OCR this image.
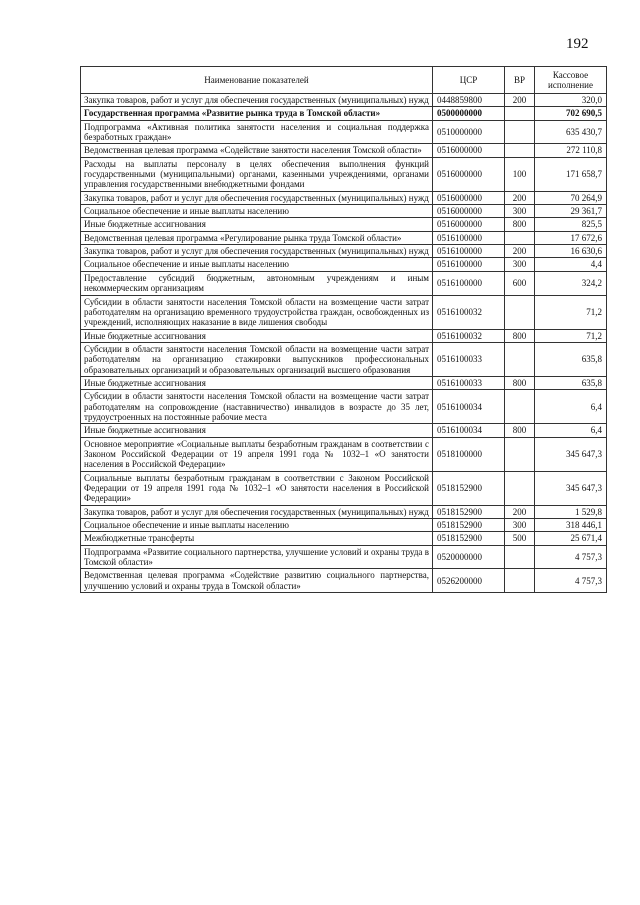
192
Наименование показателей	ЦСР	ВР	Кассовое исполнение
Закупка товаров, работ и услуг для обеспечения государственных (муниципальных) нужд	0448859800	200	320,0
Государственная программа «Развитие рынка труда в Томской области»	0500000000		702 690,5
Подпрограмма «Активная политика занятости населения и социальная поддержка безработных граждан»	0510000000		635 430,7
Ведомственная целевая программа «Содействие занятости населения Томской области»	0516000000		272 110,8
Расходы на выплаты персоналу в целях обеспечения выполнения функций государственными (муниципальными) органами, казенными учреждениями, органами управления государственными внебюджетными фондами	0516000000	100	171 658,7
Закупка товаров, работ и услуг для обеспечения государственных (муниципальных) нужд	0516000000	200	70 264,9
Социальное обеспечение и иные выплаты населению	0516000000	300	29 361,7
Иные бюджетные ассигнования	0516000000	800	825,5
Ведомственная целевая программа «Регулирование рынка труда Томской области»	0516100000		17 672,6
Закупка товаров, работ и услуг для обеспечения государственных (муниципальных) нужд	0516100000	200	16 630,6
Социальное обеспечение и иные выплаты населению	0516100000	300	4,4
Предоставление субсидий бюджетным, автономным учреждениям и иным некоммерческим организациям	0516100000	600	324,2
Субсидии в области занятости населения Томской области на возмещение части затрат работодателям на организацию временного трудоустройства граждан, освобожденных из учреждений, исполняющих наказание в виде лишения свободы	0516100032		71,2
Иные бюджетные ассигнования	0516100032	800	71,2
Субсидии в области занятости населения Томской области на возмещение части затрат работодателям на организацию стажировки выпускников профессиональных образовательных организаций и образовательных организаций высшего образования	0516100033		635,8
Иные бюджетные ассигнования	0516100033	800	635,8
Субсидии в области занятости населения Томской области на возмещение части затрат работодателям на сопровождение (наставничество) инвалидов в возрасте до 35 лет, трудоустроенных на постоянные рабочие места	0516100034		6,4
Иные бюджетные ассигнования	0516100034	800	6,4
Основное мероприятие «Социальные выплаты безработным гражданам в соответствии с Законом Российской Федерации от 19 апреля 1991 года № 1032–1 «О занятости населения в Российской Федерации»	0518100000		345 647,3
Социальные выплаты безработным гражданам в соответствии с Законом Российской Федерации от 19 апреля 1991 года № 1032–1 «О занятости населения в Российской Федерации»	0518152900		345 647,3
Закупка товаров, работ и услуг для обеспечения государственных (муниципальных) нужд	0518152900	200	1 529,8
Социальное обеспечение и иные выплаты населению	0518152900	300	318 446,1
Межбюджетные трансферты	0518152900	500	25 671,4
Подпрограмма «Развитие социального партнерства, улучшение условий и охраны труда в Томской области»	0520000000		4 757,3
Ведомственная целевая программа «Содействие развитию социального партнерства, улучшению условий и охраны труда в Томской области»	0526200000		4 757,3
